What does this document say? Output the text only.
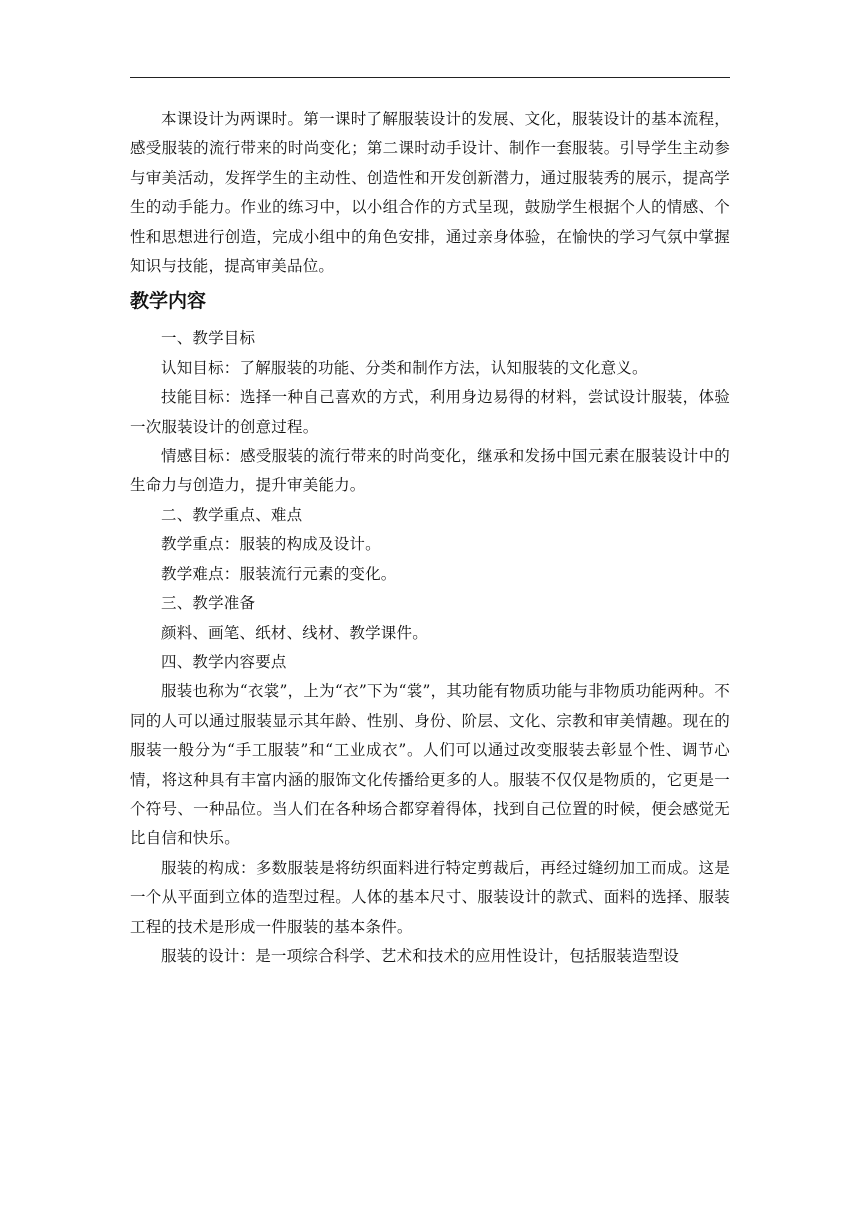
本课设计为两课时。第一课时了解服装设计的发展、文化，服装设计的基本流程，感受服装的流行带来的时尚变化；第二课时动手设计、制作一套服装。引导学生主动参与审美活动，发挥学生的主动性、创造性和开发创新潜力，通过服装秀的展示，提高学生的动手能力。作业的练习中，以小组合作的方式呈现，鼓励学生根据个人的情感、个性和思想进行创造，完成小组中的角色安排，通过亲身体验，在愉快的学习气氛中掌握知识与技能，提高审美品位。

教学内容

一、教学目标

认知目标：了解服装的功能、分类和制作方法，认知服装的文化意义。

技能目标：选择一种自己喜欢的方式，利用身边易得的材料，尝试设计服装，体验一次服装设计的创意过程。

情感目标：感受服装的流行带来的时尚变化，继承和发扬中国元素在服装设计中的生命力与创造力，提升审美能力。

二、教学重点、难点

教学重点：服装的构成及设计。

教学难点：服装流行元素的变化。

三、教学准备

颜料、画笔、纸材、线材、教学课件。

四、教学内容要点

服装也称为“衣裳”，上为“衣”下为“裳”，其功能有物质功能与非物质功能两种。不同的人可以通过服装显示其年龄、性别、身份、阶层、文化、宗教和审美情趣。现在的服装一般分为“手工服装”和“工业成衣”。人们可以通过改变服装去彰显个性、调节心情，将这种具有丰富内涵的服饰文化传播给更多的人。服装不仅仅是物质的，它更是一个符号、一种品位。当人们在各种场合都穿着得体，找到自己位置的时候，便会感觉无比自信和快乐。

服装的构成：多数服装是将纺织面料进行特定剪裁后，再经过缝纫加工而成。这是一个从平面到立体的造型过程。人体的基本尺寸、服装设计的款式、面料的选择、服装工程的技术是形成一件服装的基本条件。

服装的设计：是一项综合科学、艺术和技术的应用性设计，包括服装造型设
